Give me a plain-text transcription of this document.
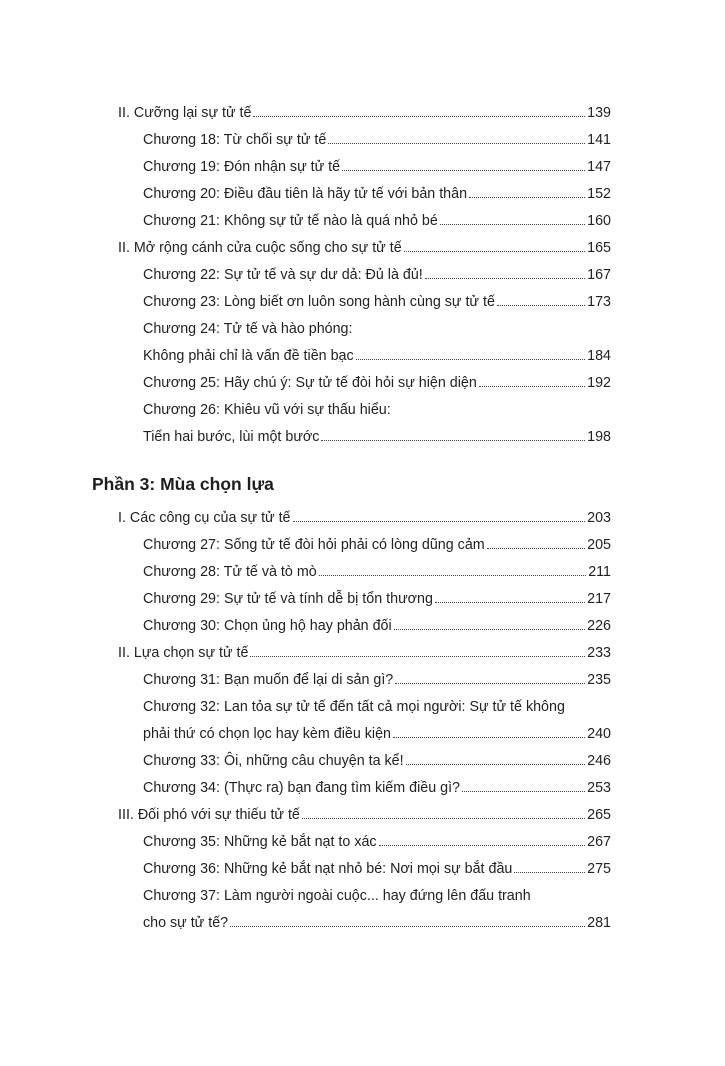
Phần 3: Mùa chọn lựa
II. Cưỡng lại sự tử tế	139
Chương 18: Từ chối sự tử tế	141
Chương 19: Đón nhận sự tử tế	147
Chương 20: Điều đầu tiên là hãy tử tế với bản thân	152
Chương 21: Không sự tử tế nào là quá nhỏ bé	160
II. Mở rộng cánh cửa cuộc sống cho sự tử tế	165
Chương 22: Sự tử tế và sự dư dả: Đủ là đủ!	167
Chương 23: Lòng biết ơn luôn song hành cùng sự tử tế	173
Chương 24: Tử tế và hào phóng:
Không phải chỉ là vấn đề tiền bạc	184
Chương 25: Hãy chú ý: Sự tử tế đòi hỏi sự hiện diện	192
Chương 26: Khiêu vũ với sự thấu hiểu:
Tiến hai bước, lùi một bước	198
I. Các công cụ của sự tử tế	203
Chương 27: Sống tử tế đòi hỏi phải có lòng dũng cảm	205
Chương 28: Tử tế và tò mò	211
Chương 29: Sự tử tế và tính dễ bị tổn thương	217
Chương 30: Chọn ủng hộ hay phản đối	226
II. Lựa chọn sự tử tế	233
Chương 31: Bạn muốn để lại di sản gì?	235
Chương 32: Lan tỏa sự tử tế đến tất cả mọi người: Sự tử tế không
phải thứ có chọn lọc hay kèm điều kiện	240
Chương 33: Ôi, những câu chuyện ta kể!	246
Chương 34: (Thực ra) bạn đang tìm kiếm điều gì?	253
III. Đối phó với sự thiếu tử tế	265
Chương 35: Những kẻ bắt nạt to xác	267
Chương 36: Những kẻ bắt nạt nhỏ bé: Nơi mọi sự bắt đầu	275
Chương 37: Làm người ngoài cuộc... hay đứng lên đấu tranh
cho sự tử tế?	281
